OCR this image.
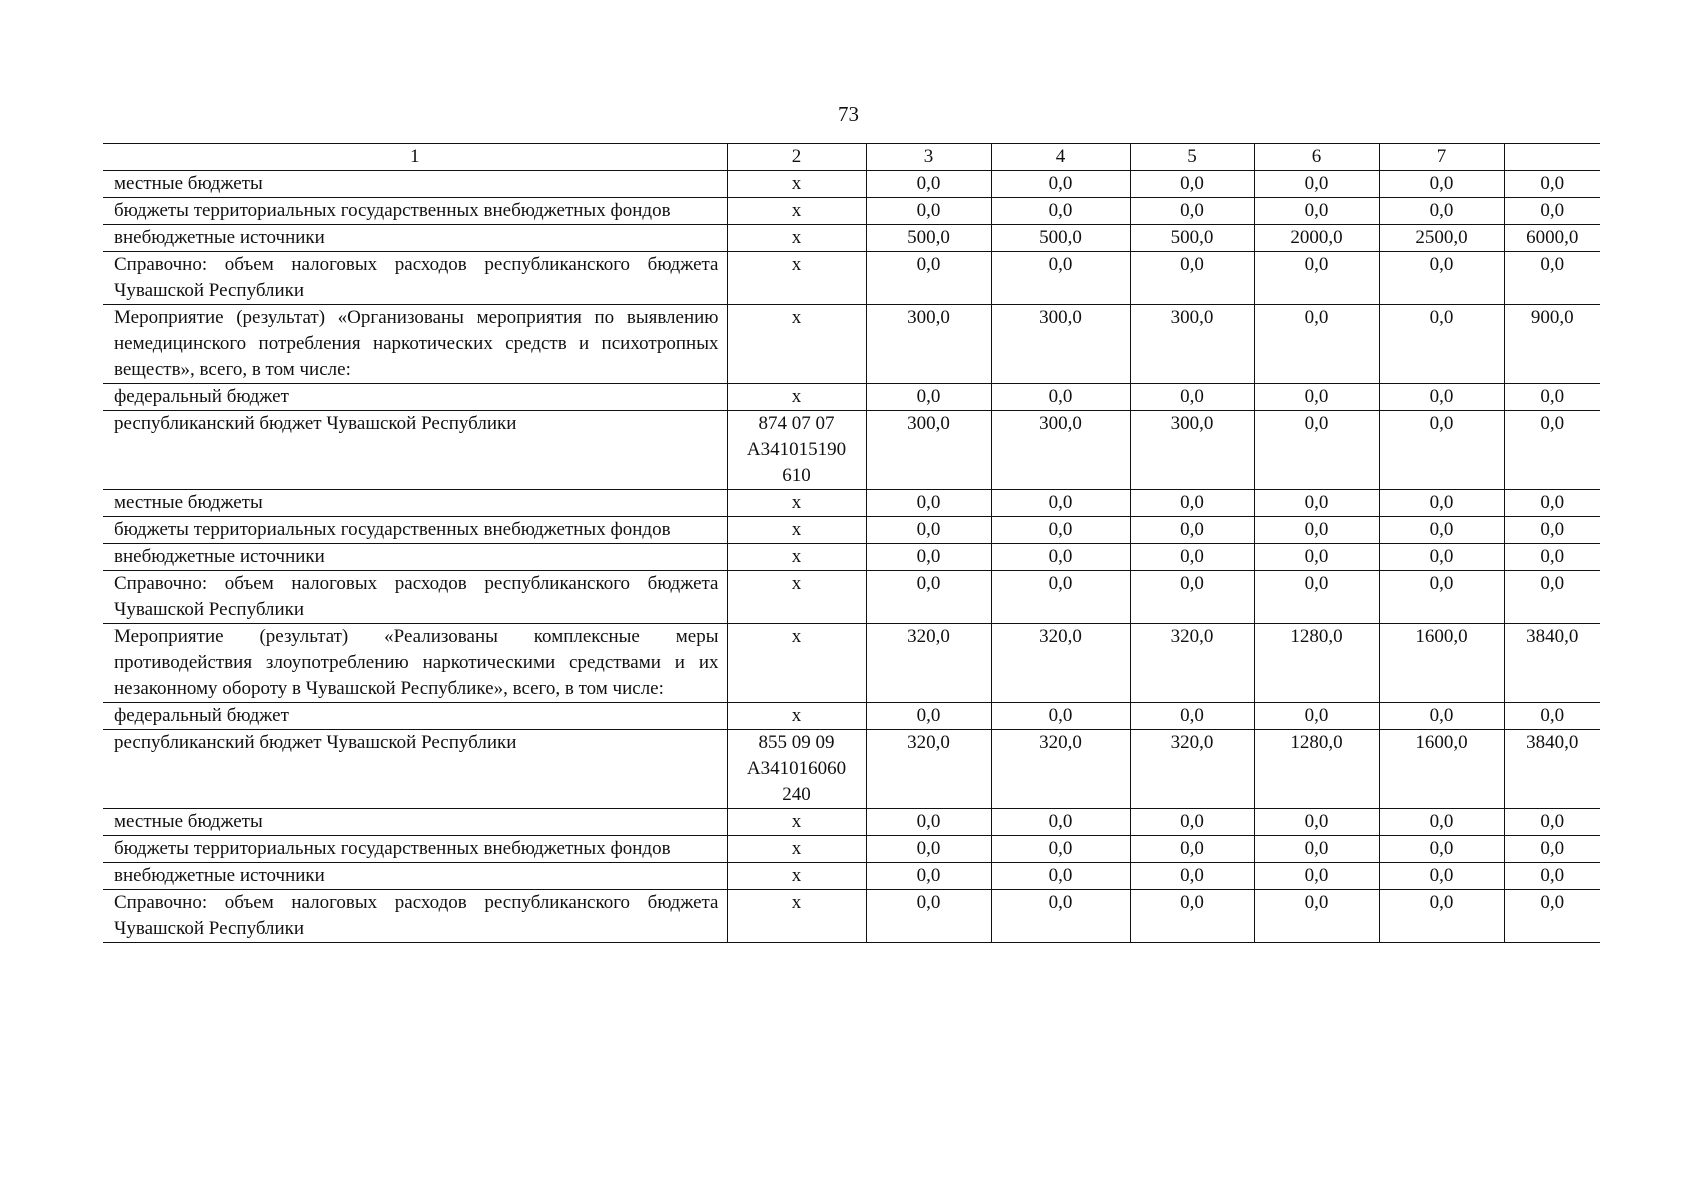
73
1	2	3	4	5	6	7	
местные бюджеты	х	0,0	0,0	0,0	0,0	0,0	0,0
бюджеты территориальных государственных внебюджетных фондов	х	0,0	0,0	0,0	0,0	0,0	0,0
внебюджетные источники	х	500,0	500,0	500,0	2000,0	2500,0	6000,0
Справочно: объем налоговых расходов республиканского бюджета Чувашской Республики	х	0,0	0,0	0,0	0,0	0,0	0,0
Мероприятие (результат) «Организованы мероприятия по выявлению немедицинского потребления наркотических средств и психотропных веществ», всего, в том числе:	х	300,0	300,0	300,0	0,0	0,0	900,0
федеральный бюджет	х	0,0	0,0	0,0	0,0	0,0	0,0
республиканский бюджет Чувашской Республики	874 07 07 А341015190 610	300,0	300,0	300,0	0,0	0,0	0,0
местные бюджеты	х	0,0	0,0	0,0	0,0	0,0	0,0
бюджеты территориальных государственных внебюджетных фондов	х	0,0	0,0	0,0	0,0	0,0	0,0
внебюджетные источники	х	0,0	0,0	0,0	0,0	0,0	0,0
Справочно: объем налоговых расходов республиканского бюджета Чувашской Республики	х	0,0	0,0	0,0	0,0	0,0	0,0
Мероприятие (результат) «Реализованы комплексные меры противодействия злоупотреблению наркотическими средствами и их незаконному обороту в Чувашской Республике», всего, в том числе:	х	320,0	320,0	320,0	1280,0	1600,0	3840,0
федеральный бюджет	х	0,0	0,0	0,0	0,0	0,0	0,0
республиканский бюджет Чувашской Республики	855 09 09 А341016060 240	320,0	320,0	320,0	1280,0	1600,0	3840,0
местные бюджеты	х	0,0	0,0	0,0	0,0	0,0	0,0
бюджеты территориальных государственных внебюджетных фондов	х	0,0	0,0	0,0	0,0	0,0	0,0
внебюджетные источники	х	0,0	0,0	0,0	0,0	0,0	0,0
Справочно: объем налоговых расходов республиканского бюджета Чувашской Республики	х	0,0	0,0	0,0	0,0	0,0	0,0
